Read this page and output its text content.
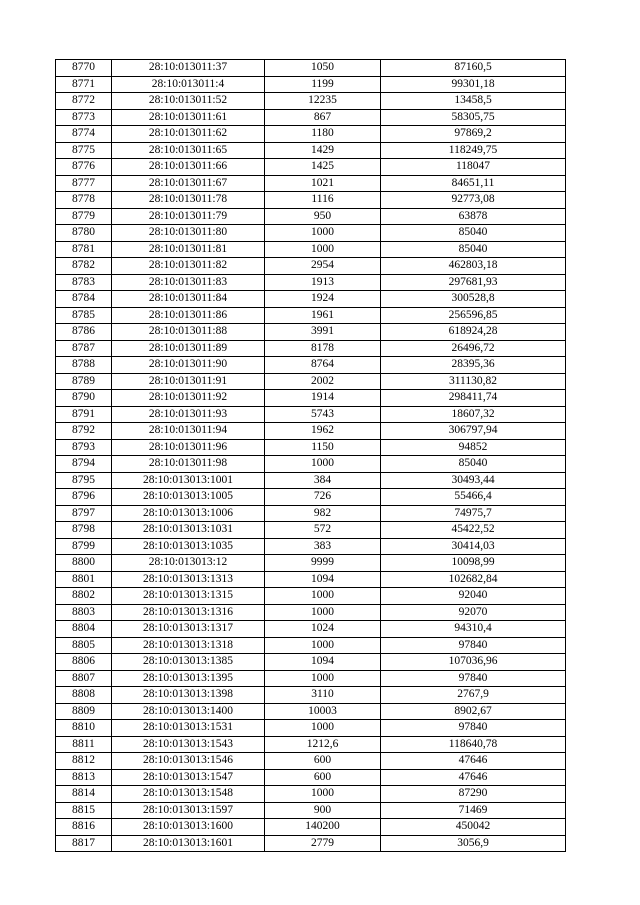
8770	28:10:013011:37	1050	87160,5
8771	28:10:013011:4	1199	99301,18
8772	28:10:013011:52	12235	13458,5
8773	28:10:013011:61	867	58305,75
8774	28:10:013011:62	1180	97869,2
8775	28:10:013011:65	1429	118249,75
8776	28:10:013011:66	1425	118047
8777	28:10:013011:67	1021	84651,11
8778	28:10:013011:78	1116	92773,08
8779	28:10:013011:79	950	63878
8780	28:10:013011:80	1000	85040
8781	28:10:013011:81	1000	85040
8782	28:10:013011:82	2954	462803,18
8783	28:10:013011:83	1913	297681,93
8784	28:10:013011:84	1924	300528,8
8785	28:10:013011:86	1961	256596,85
8786	28:10:013011:88	3991	618924,28
8787	28:10:013011:89	8178	26496,72
8788	28:10:013011:90	8764	28395,36
8789	28:10:013011:91	2002	311130,82
8790	28:10:013011:92	1914	298411,74
8791	28:10:013011:93	5743	18607,32
8792	28:10:013011:94	1962	306797,94
8793	28:10:013011:96	1150	94852
8794	28:10:013011:98	1000	85040
8795	28:10:013013:1001	384	30493,44
8796	28:10:013013:1005	726	55466,4
8797	28:10:013013:1006	982	74975,7
8798	28:10:013013:1031	572	45422,52
8799	28:10:013013:1035	383	30414,03
8800	28:10:013013:12	9999	10098,99
8801	28:10:013013:1313	1094	102682,84
8802	28:10:013013:1315	1000	92040
8803	28:10:013013:1316	1000	92070
8804	28:10:013013:1317	1024	94310,4
8805	28:10:013013:1318	1000	97840
8806	28:10:013013:1385	1094	107036,96
8807	28:10:013013:1395	1000	97840
8808	28:10:013013:1398	3110	2767,9
8809	28:10:013013:1400	10003	8902,67
8810	28:10:013013:1531	1000	97840
8811	28:10:013013:1543	1212,6	118640,78
8812	28:10:013013:1546	600	47646
8813	28:10:013013:1547	600	47646
8814	28:10:013013:1548	1000	87290
8815	28:10:013013:1597	900	71469
8816	28:10:013013:1600	140200	450042
8817	28:10:013013:1601	2779	3056,9
